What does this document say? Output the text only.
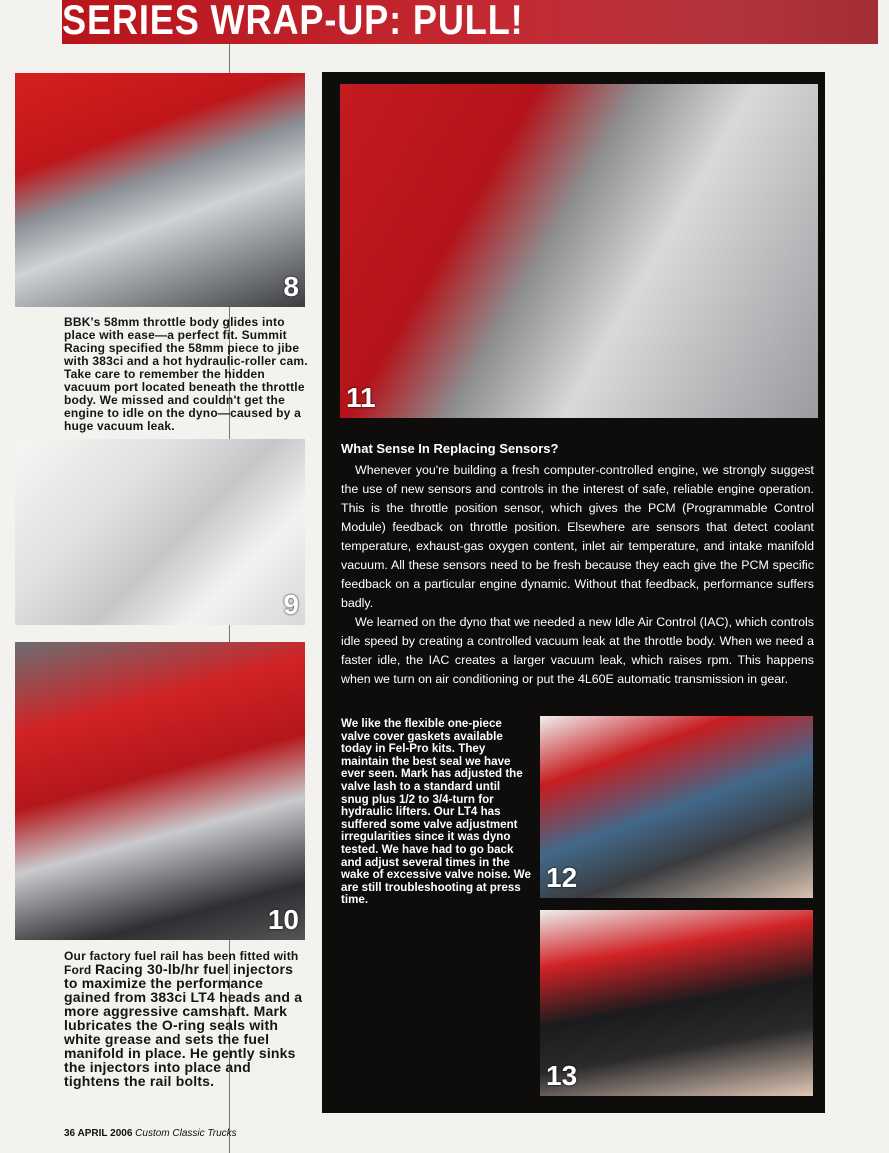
SERIES WRAP-UP: PULL!
8
BBK's 58mm throttle body glides into place with ease—a perfect fit. Summit Racing specified the 58mm piece to jibe with 383ci and a hot hydraulic-roller cam. Take care to remember the hidden vacuum port located beneath the throttle body. We missed and couldn't get the engine to idle on the dyno—caused by a huge vacuum leak.
9
10
Our factory fuel rail has been fitted with Ford Racing 30-lb/hr fuel injectors to maximize the performance gained from 383ci LT4 heads and a more aggressive camshaft. Mark lubricates the O-ring seals with white grease and sets the fuel manifold in place. He gently sinks the injectors into place and tightens the rail bolts.
11
What Sense In Replacing Sensors?

Whenever you're building a fresh computer-controlled engine, we strongly suggest the use of new sensors and controls in the interest of safe, reliable engine operation. This is the throttle position sensor, which gives the PCM (Programmable Control Module) feedback on throttle position. Elsewhere are sensors that detect coolant temperature, exhaust-gas oxygen content, inlet air temperature, and intake manifold vacuum. All these sensors need to be fresh because they each give the PCM specific feedback on a particular engine dynamic. Without that feedback, performance suffers badly.

We learned on the dyno that we needed a new Idle Air Control (IAC), which controls idle speed by creating a controlled vacuum leak at the throttle body. When we need a faster idle, the IAC creates a larger vacuum leak, which raises rpm. This happens when we turn on air conditioning or put the 4L60E automatic transmission in gear.

We like the flexible one-piece valve cover gaskets available today in Fel-Pro kits. They maintain the best seal we have ever seen. Mark has adjusted the valve lash to a standard until snug plus 1/2 to 3/4-turn for hydraulic lifters. Our LT4 has suffered some valve adjustment irregularities since it was dyno tested. We have had to go back and adjust several times in the wake of excessive valve noise. We are still troubleshooting at press time.
12
13
36 APRIL 2006 Custom Classic Trucks
